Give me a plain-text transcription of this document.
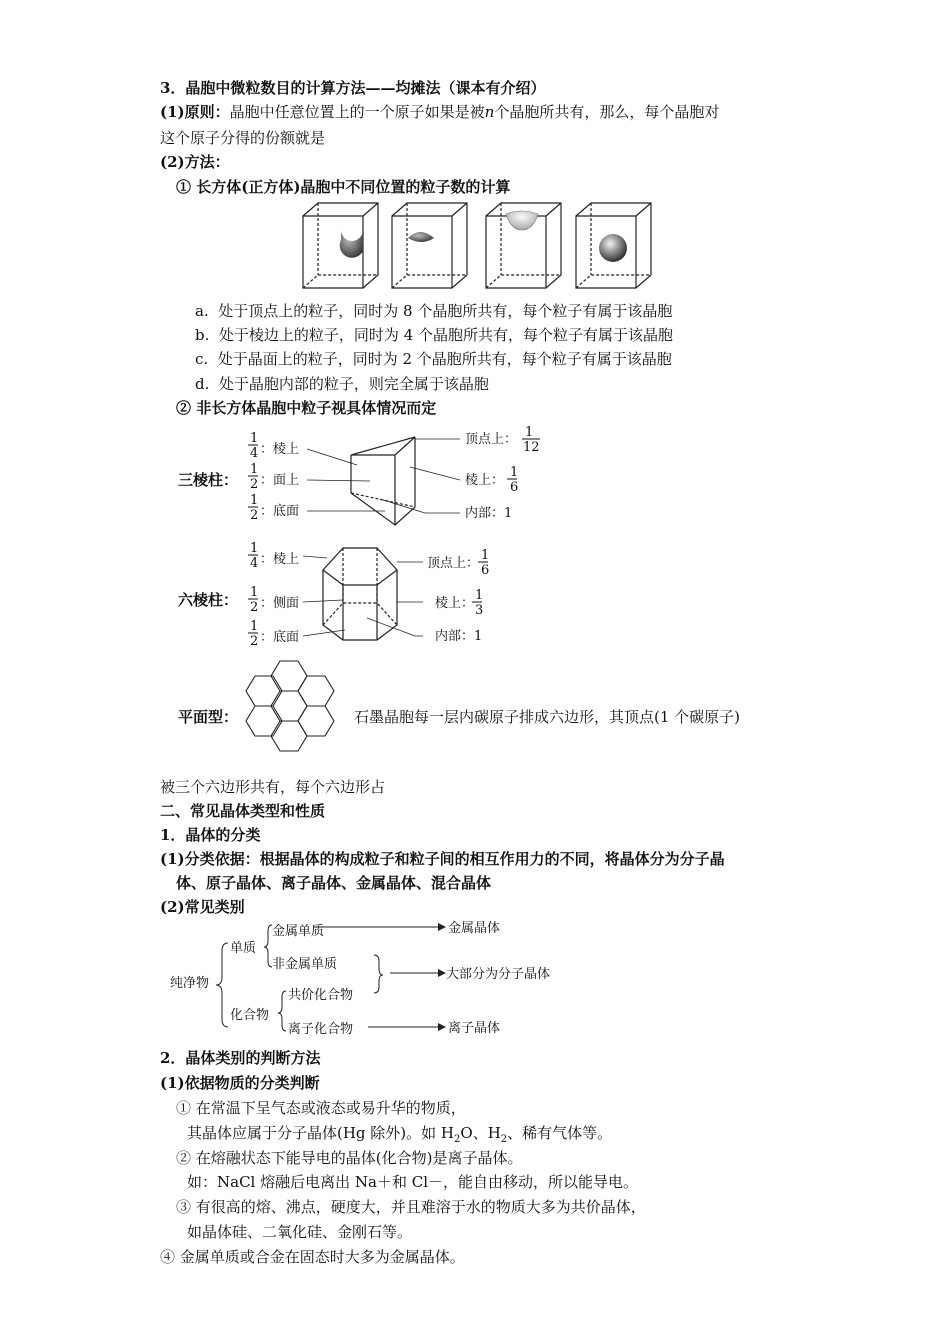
3．晶胞中微粒数目的计算方法——均摊法（课本有介绍）
(1)原则：晶胞中任意位置上的一个原子如果是被n个晶胞所共有，那么，每个晶胞对
这个原子分得的份额就是
(2)方法：
① 长方体(正方体)晶胞中不同位置的粒子数的计算
a. 处于顶点上的粒子，同时为 8 个晶胞所共有，每个粒子有属于该晶胞
b. 处于棱边上的粒子，同时为 4 个晶胞所共有，每个粒子有属于该晶胞
c. 处于晶面上的粒子，同时为 2 个晶胞所共有，每个粒子有属于该晶胞
d. 处于晶胞内部的粒子，则完全属于该晶胞
② 非长方体晶胞中粒子视具体情况而定
三棱柱：
1
4 ：棱上
1
2 ：面上
1
2 ：底面
顶点上： 1
12
棱上：
1
6
内部：1
六棱柱：
1
4 ：棱上
1
2 ：侧面
1
2 ：底面
顶点上：
1
6
棱上：
1
3
内部：1
平面型：	石墨晶胞每一层内碳原子排成六边形，其顶点(1 个碳原子)
被三个六边形共有，每个六边形占
二、常见晶体类型和性质
1．晶体的分类
(1)分类依据：根据晶体的构成粒子和粒子间的相互作用力的不同，将晶体分为分子晶
体、原子晶体、离子晶体、金属晶体、混合晶体
(2)常见类别
纯净物
单质
化合物
金属单质
非金属单质
共价化合物
离子化合物
金属晶体
大部分为分子晶体
离子晶体
2．晶体类别的判断方法
(1)依据物质的分类判断
① 在常温下呈气态或液态或易升华的物质，
其晶体应属于分子晶体(Hg 除外)。如 $H_2O$、$H_2$、稀有气体等。
② 在熔融状态下能导电的晶体(化合物)是离子晶体。
如：NaCl 熔融后电离出 Na＋和 Cl－，能自由移动，所以能导电。
③ 有很高的熔、沸点，硬度大，并且难溶于水的物质大多为共价晶体，
如晶体硅、二氧化硅、金刚石等。
④ 金属单质或合金在固态时大多为金属晶体。
